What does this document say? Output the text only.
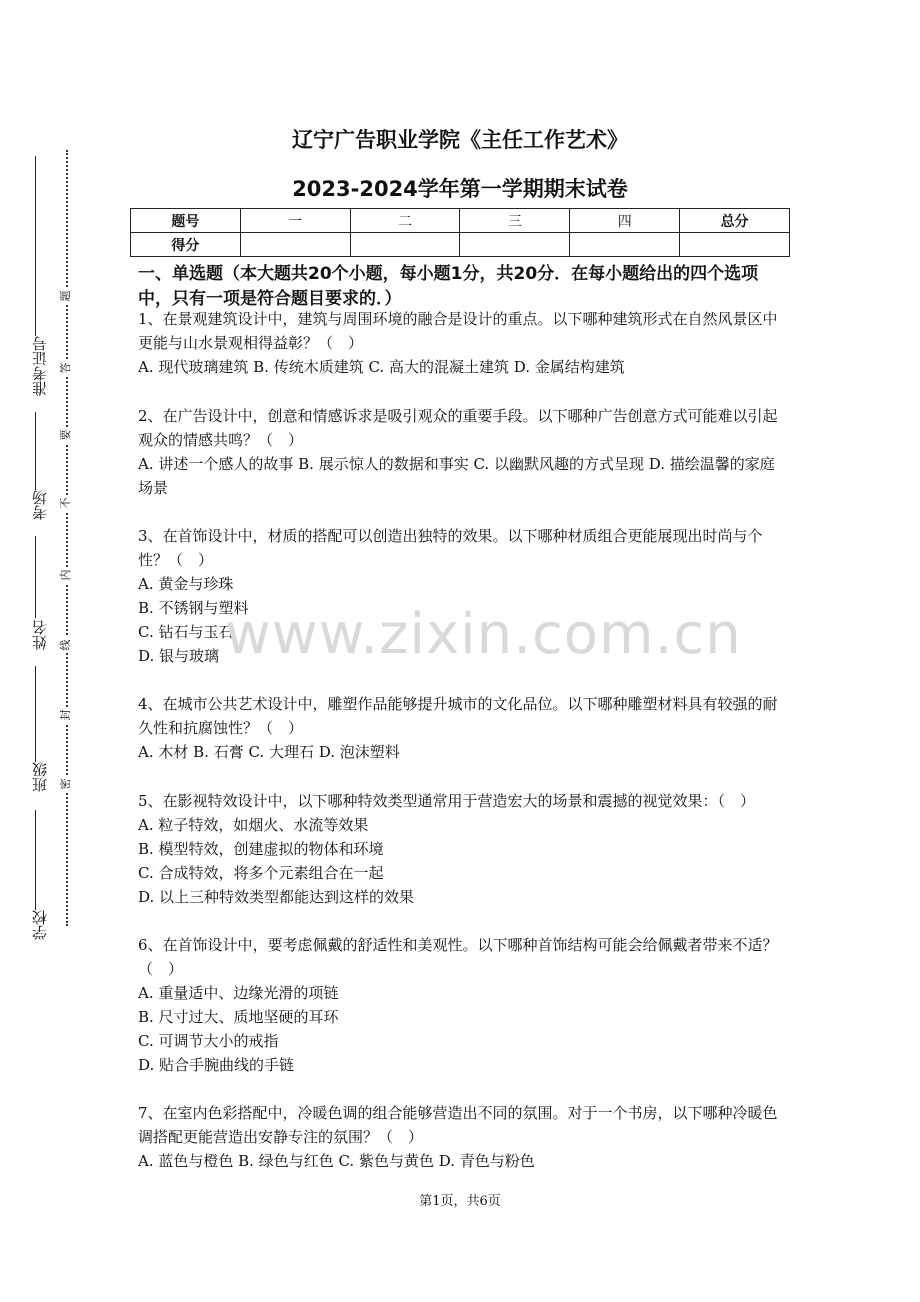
准考证号
考场
姓名
班级
学校
题
答
要
不
内
线
封
密
辽宁广告职业学院《主任工作艺术》
2023-2024学年第一学期期末试卷
题号	一	二	三	四	总分
得分					
一、单选题（本大题共20个小题，每小题1分，共20分．在每小题给出的四个选项中，只有一项是符合题目要求的．）
1、在景观建筑设计中，建筑与周围环境的融合是设计的重点。以下哪种建筑形式在自然风景区中更能与山水景观相得益彰？（　）
A. 现代玻璃建筑 B. 传统木质建筑 C. 高大的混凝土建筑 D. 金属结构建筑
2、在广告设计中，创意和情感诉求是吸引观众的重要手段。以下哪种广告创意方式可能难以引起观众的情感共鸣？（　）
A. 讲述一个感人的故事 B. 展示惊人的数据和事实 C. 以幽默风趣的方式呈现 D. 描绘温馨的家庭场景
3、在首饰设计中，材质的搭配可以创造出独特的效果。以下哪种材质组合更能展现出时尚与个性？（　）
A. 黄金与珍珠
B. 不锈钢与塑料
C. 钻石与玉石
D. 银与玻璃
4、在城市公共艺术设计中，雕塑作品能够提升城市的文化品位。以下哪种雕塑材料具有较强的耐久性和抗腐蚀性？（　）
A. 木材 B. 石膏 C. 大理石 D. 泡沫塑料
5、在影视特效设计中，以下哪种特效类型通常用于营造宏大的场景和震撼的视觉效果：（　）
A. 粒子特效，如烟火、水流等效果
B. 模型特效，创建虚拟的物体和环境
C. 合成特效，将多个元素组合在一起
D. 以上三种特效类型都能达到这样的效果
6、在首饰设计中，要考虑佩戴的舒适性和美观性。以下哪种首饰结构可能会给佩戴者带来不适？（　）
A. 重量适中、边缘光滑的项链
B. 尺寸过大、质地坚硬的耳环
C. 可调节大小的戒指
D. 贴合手腕曲线的手链
7、在室内色彩搭配中，冷暖色调的组合能够营造出不同的氛围。对于一个书房，以下哪种冷暖色调搭配更能营造出安静专注的氛围？（　）
A. 蓝色与橙色 B. 绿色与红色 C. 紫色与黄色 D. 青色与粉色
www.zixin.com.cn
第1页，共6页
